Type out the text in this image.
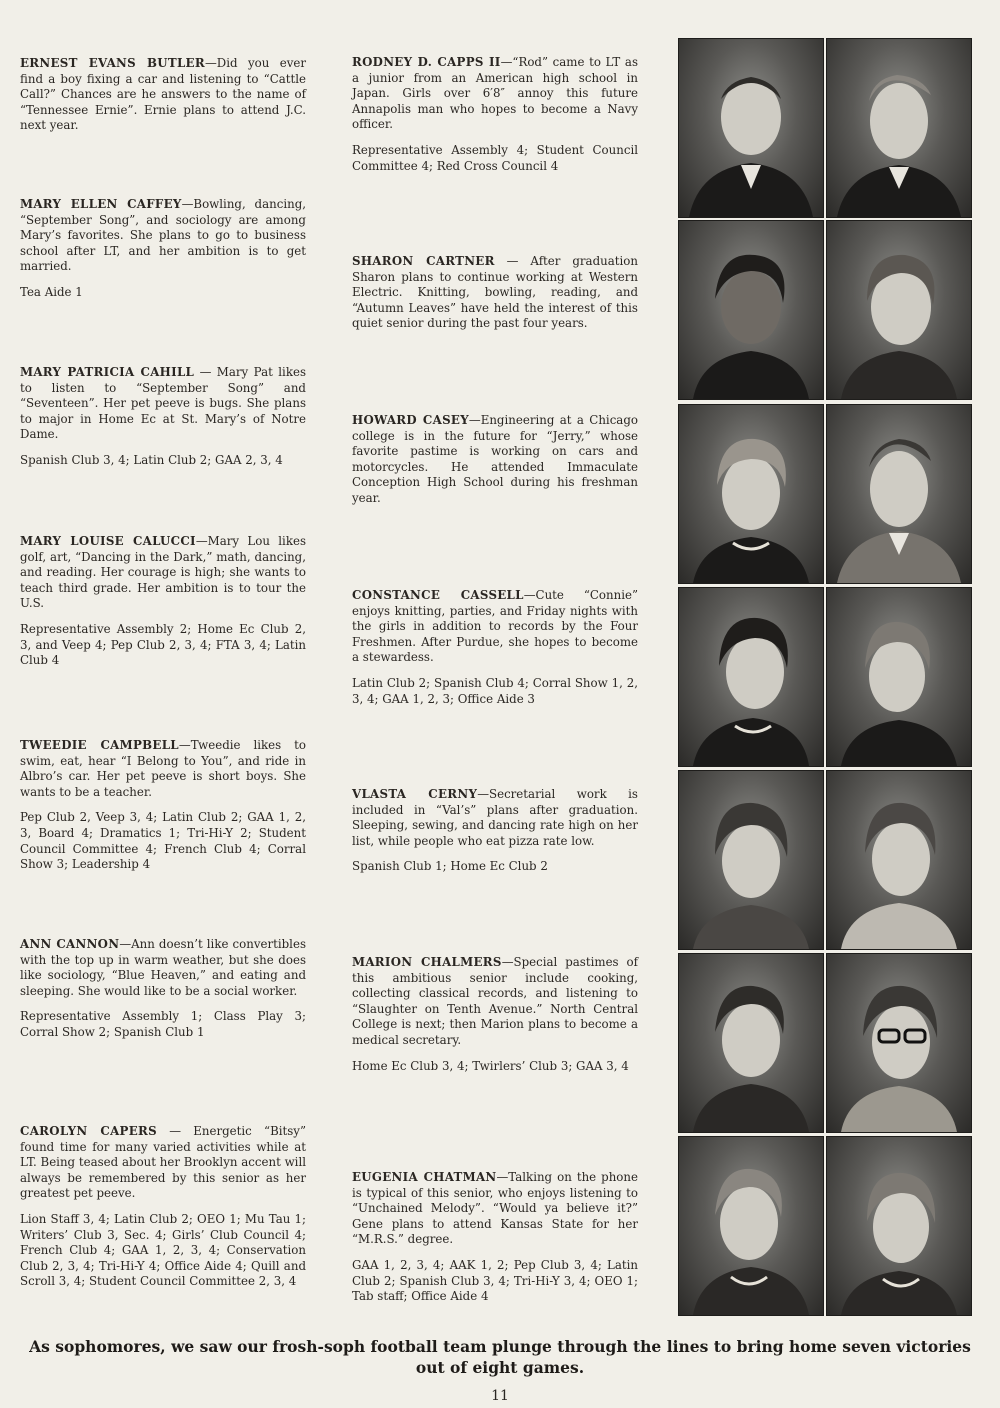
ERNEST EVANS BUTLER—Did you ever find a boy fixing a car and listening to “Cattle Call?” Chances are he answers to the name of “Tennessee Ernie”. Ernie plans to attend J.C. next year.

MARY ELLEN CAFFEY—Bowling, dancing, “September Song”, and sociology are among Mary’s favorites. She plans to go to business school after LT, and her ambition is to get married.

Tea Aide 1

MARY PATRICIA CAHILL — Mary Pat likes to listen to “September Song” and “Seventeen”. Her pet peeve is bugs. She plans to major in Home Ec at St. Mary’s of Notre Dame.

Spanish Club 3, 4; Latin Club 2; GAA 2, 3, 4

MARY LOUISE CALUCCI—Mary Lou likes golf, art, “Dancing in the Dark,” math, dancing, and reading. Her courage is high; she wants to teach third grade. Her ambition is to tour the U.S.

Representative Assembly 2; Home Ec Club 2, 3, and Veep 4; Pep Club 2, 3, 4; FTA 3, 4; Latin Club 4

TWEEDIE CAMPBELL—Tweedie likes to swim, eat, hear “I Belong to You”, and ride in Albro’s car. Her pet peeve is short boys. She wants to be a teacher.

Pep Club 2, Veep 3, 4; Latin Club 2; GAA 1, 2, 3, Board 4; Dramatics 1; Tri-Hi-Y 2; Student Council Committee 4; French Club 4; Corral Show 3; Leadership 4

ANN CANNON—Ann doesn’t like convertibles with the top up in warm weather, but she does like sociology, “Blue Heaven,” and eating and sleeping. She would like to be a social worker.

Representative Assembly 1; Class Play 3; Corral Show 2; Spanish Club 1

CAROLYN CAPERS — Energetic “Bitsy” found time for many varied activities while at LT. Being teased about her Brooklyn accent will always be remembered by this senior as her greatest pet peeve.

Lion Staff 3, 4; Latin Club 2; OEO 1; Mu Tau 1; Writers’ Club 3, Sec. 4; Girls’ Club Council 4; French Club 4; GAA 1, 2, 3, 4; Conservation Club 2, 3, 4; Tri-Hi-Y 4; Office Aide 4; Quill and Scroll 3, 4; Student Council Committee 2, 3, 4

RODNEY D. CAPPS II—“Rod” came to LT as a junior from an American high school in Japan. Girls over 6′8″ annoy this future Annapolis man who hopes to become a Navy officer.

Representative Assembly 4; Student Council Committee 4; Red Cross Council 4

SHARON CARTNER — After graduation Sharon plans to continue working at Western Electric. Knitting, bowling, reading, and “Autumn Leaves” have held the interest of this quiet senior during the past four years.

HOWARD CASEY—Engineering at a Chicago college is in the future for “Jerry,” whose favorite pastime is working on cars and motorcycles. He attended Immaculate Conception High School during his freshman year.

CONSTANCE CASSELL—Cute “Connie” enjoys knitting, parties, and Friday nights with the girls in addition to records by the Four Freshmen. After Purdue, she hopes to become a stewardess.

Latin Club 2; Spanish Club 4; Corral Show 1, 2, 3, 4; GAA 1, 2, 3; Office Aide 3

VLASTA CERNY—Secretarial work is included in “Val’s” plans after graduation. Sleeping, sewing, and dancing rate high on her list, while people who eat pizza rate low.

Spanish Club 1; Home Ec Club 2

MARION CHALMERS—Special pastimes of this ambitious senior include cooking, collecting classical records, and listening to “Slaughter on Tenth Avenue.” North Central College is next; then Marion plans to become a medical secretary.

Home Ec Club 3, 4; Twirlers’ Club 3; GAA 3, 4

EUGENIA CHATMAN—Talking on the phone is typical of this senior, who enjoys listening to “Unchained Melody”. “Would ya believe it?” Gene plans to attend Kansas State for her “M.R.S.” degree.

GAA 1, 2, 3, 4; AAK 1, 2; Pep Club 3, 4; Latin Club 2; Spanish Club 3, 4; Tri-Hi-Y 3, 4; OEO 1; Tab staff; Office Aide 4

As sophomores, we saw our frosh-soph football team plunge through the lines to bring home seven victories

out of eight games.

11
